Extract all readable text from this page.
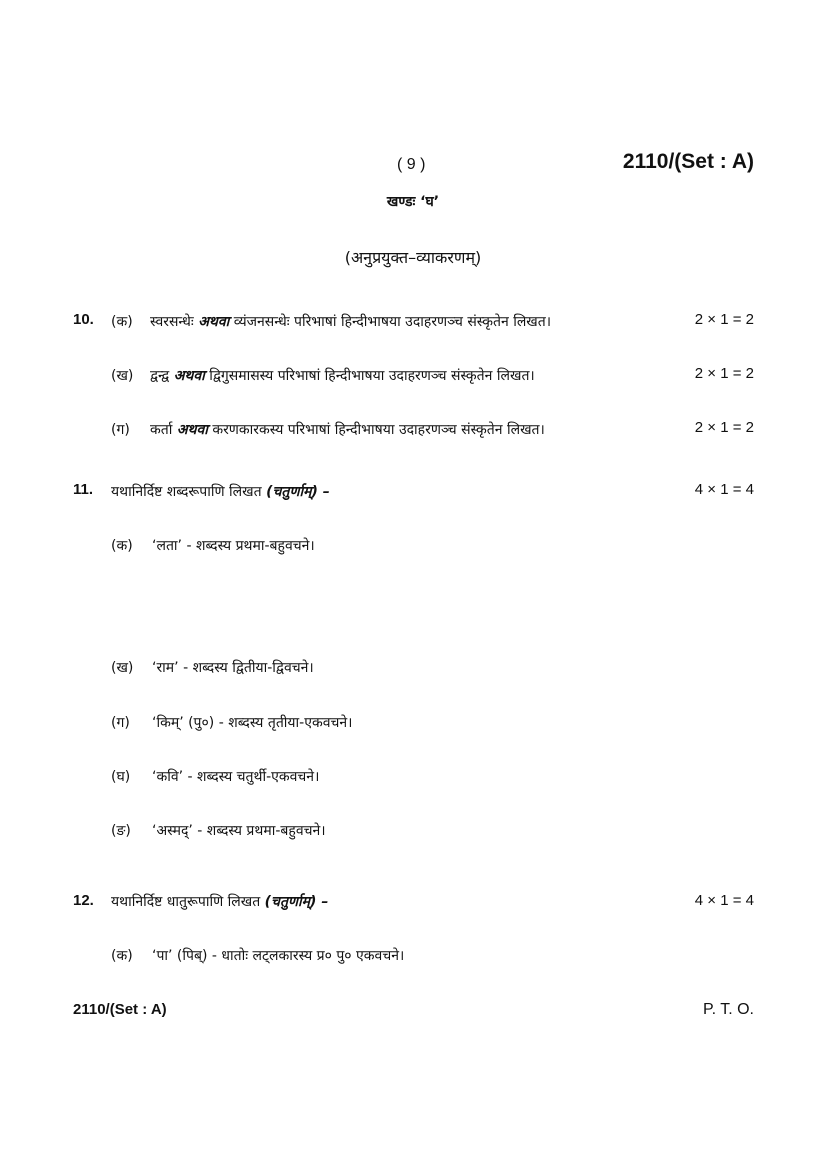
( 9 )	2110/(Set : A)
खण्डः ‘घ’
(अनुप्रयुक्त–व्याकरणम्)
10. (क) स्वरसन्धेः अथवा व्यंजनसन्धेः परिभाषां हिन्दीभाषया उदाहरणञ्च संस्कृतेन लिखत।	2 × 1 = 2
(ख) द्वन्द्व अथवा द्विगुसमासस्य परिभाषां हिन्दीभाषया उदाहरणञ्च संस्कृतेन लिखत।	2 × 1 = 2
(ग) कर्ता अथवा करणकारकस्य परिभाषां हिन्दीभाषया उदाहरणञ्च संस्कृतेन लिखत।	2 × 1 = 2
11. यथानिर्दिष्ट शब्दरूपाणि लिखत (चतुर्णाम्) –	4 × 1 = 4
(क) ‘लता’ - शब्दस्य प्रथमा-बहुवचने।
(ख) ‘राम’ - शब्दस्य द्वितीया-द्विवचने।
(ग) ‘किम्’ (पु०) - शब्दस्य तृतीया-एकवचने।
(घ) ‘कवि’ - शब्दस्य चतुर्थी-एकवचने।
(ङ) ‘अस्मद्’ - शब्दस्य प्रथमा-बहुवचने।
12. यथानिर्दिष्ट धातुरूपाणि लिखत (चतुर्णाम्) –	4 × 1 = 4
(क) ‘पा’ (पिब्) - धातोः लट्लकारस्य प्र० पु० एकवचने।
2110/(Set : A)	P. T. O.
